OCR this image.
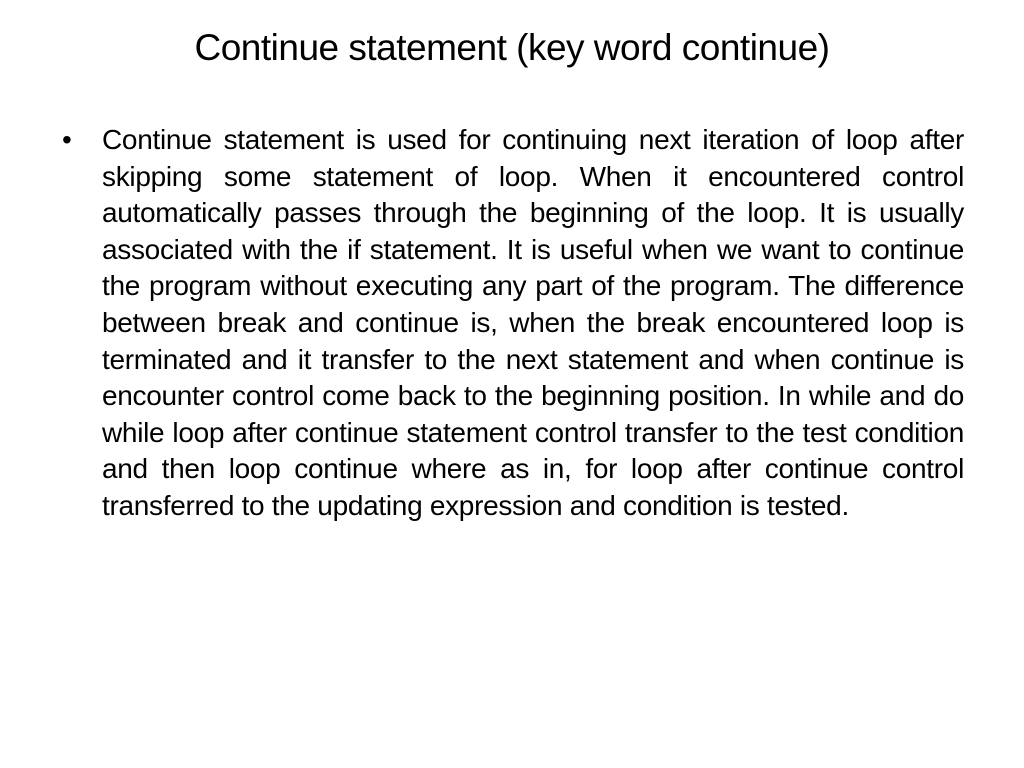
Continue statement (key word continue)
• Continue statement is used for continuing next iteration of loop after skipping some statement of loop. When it encountered control automatically passes through the beginning of the loop. It is usually associated with the if statement. It is useful when we want to continue the program without executing any part of the program. The difference between break and continue is, when the break encountered loop is terminated and it transfer to the next statement and when continue is encounter control come back to the beginning position. In while and do while loop after continue statement control transfer to the test condition and then loop continue where as in, for loop after continue control transferred to the updating expression and condition is tested.
